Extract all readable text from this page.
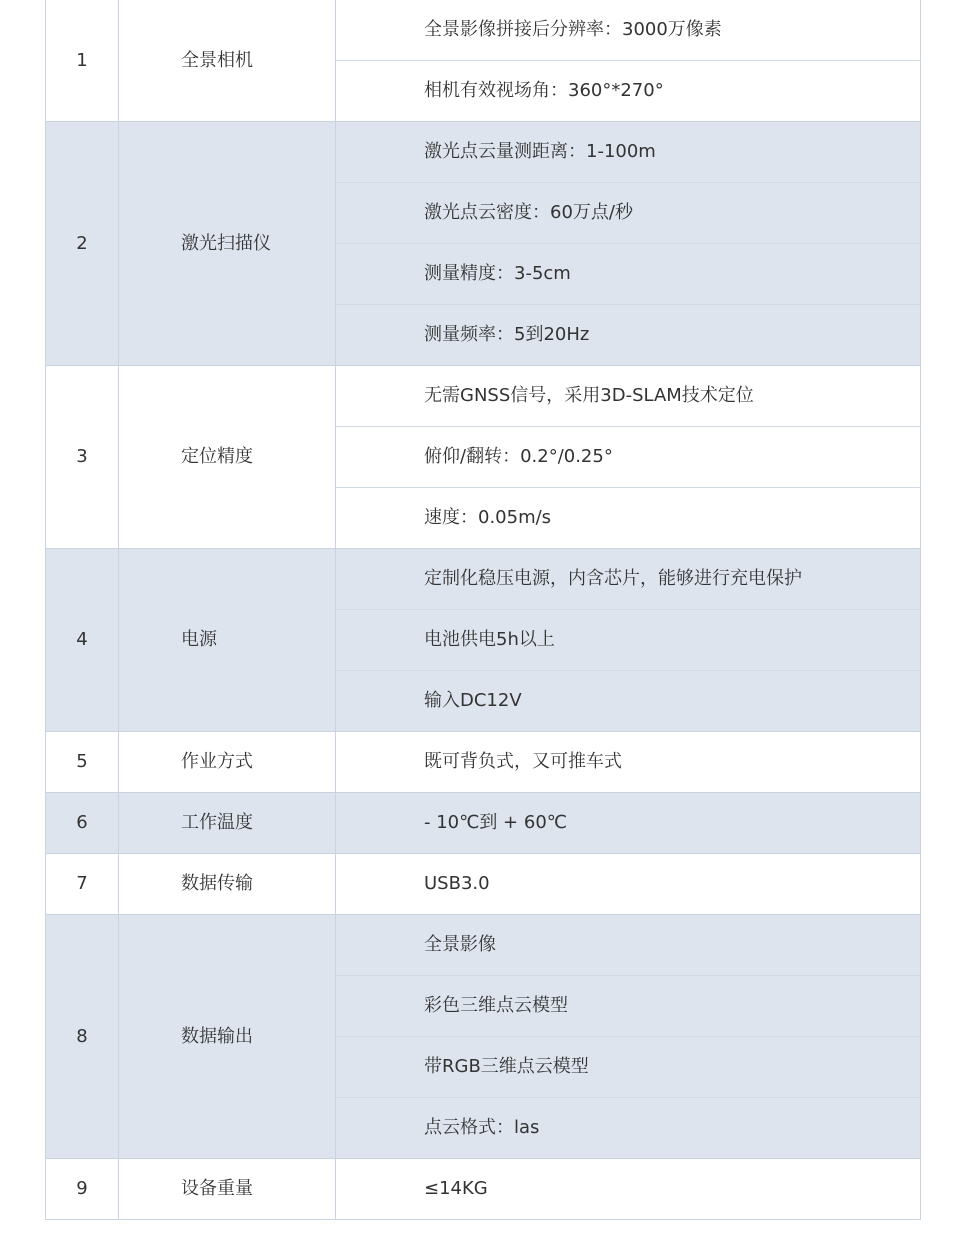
1	全景相机	全景影像拼接后分辨率：3000万像素
		相机有效视场角：360°*270°
2	激光扫描仪	激光点云量测距离：1-100m
		激光点云密度：60万点/秒
		测量精度：3-5cm
		测量频率：5到20Hz
3	定位精度	无需GNSS信号，采用3D-SLAM技术定位
		俯仰/翻转：0.2°/0.25°
		速度：0.05m/s
4	电源	定制化稳压电源，内含芯片，能够进行充电保护
		电池供电5h以上
		输入DC12V
5	作业方式	既可背负式，又可推车式
6	工作温度	- 10℃到 + 60℃
7	数据传输	USB3.0
8	数据输出	全景影像
		彩色三维点云模型
		带RGB三维点云模型
		点云格式：las
9	设备重量	≤14KG
